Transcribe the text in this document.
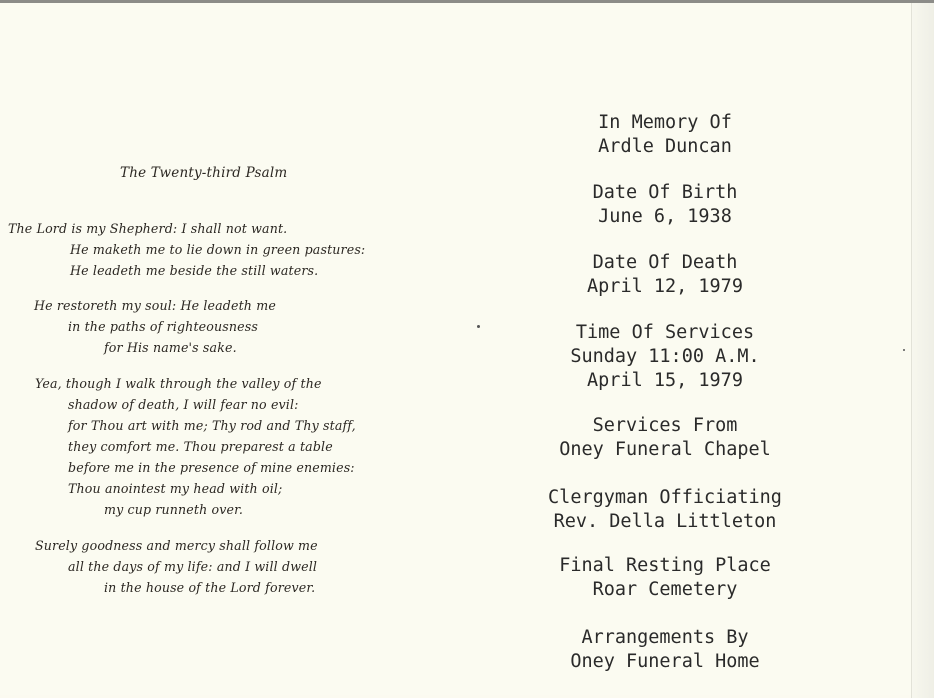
The Twenty-third Psalm
The Lord is my Shepherd: I shall not want.
He maketh me to lie down in green pastures:
He leadeth me beside the still waters.
He restoreth my soul: He leadeth me
in the paths of righteousness
for His name's sake.
Yea, though I walk through the valley of the
shadow of death, I will fear no evil:
for Thou art with me; Thy rod and Thy staff,
they comfort me. Thou preparest a table
before me in the presence of mine enemies:
Thou anointest my head with oil;
my cup runneth over.
Surely goodness and mercy shall follow me
all the days of my life: and I will dwell
in the house of the Lord forever.
In Memory Of
Ardle Duncan
Date Of Birth
June 6, 1938
Date Of Death
April 12, 1979
Time Of Services
Sunday 11:00 A.M.
April 15, 1979
Services From
Oney Funeral Chapel
Clergyman Officiating
Rev. Della Littleton
Final Resting Place
Roar Cemetery
Arrangements By
Oney Funeral Home
